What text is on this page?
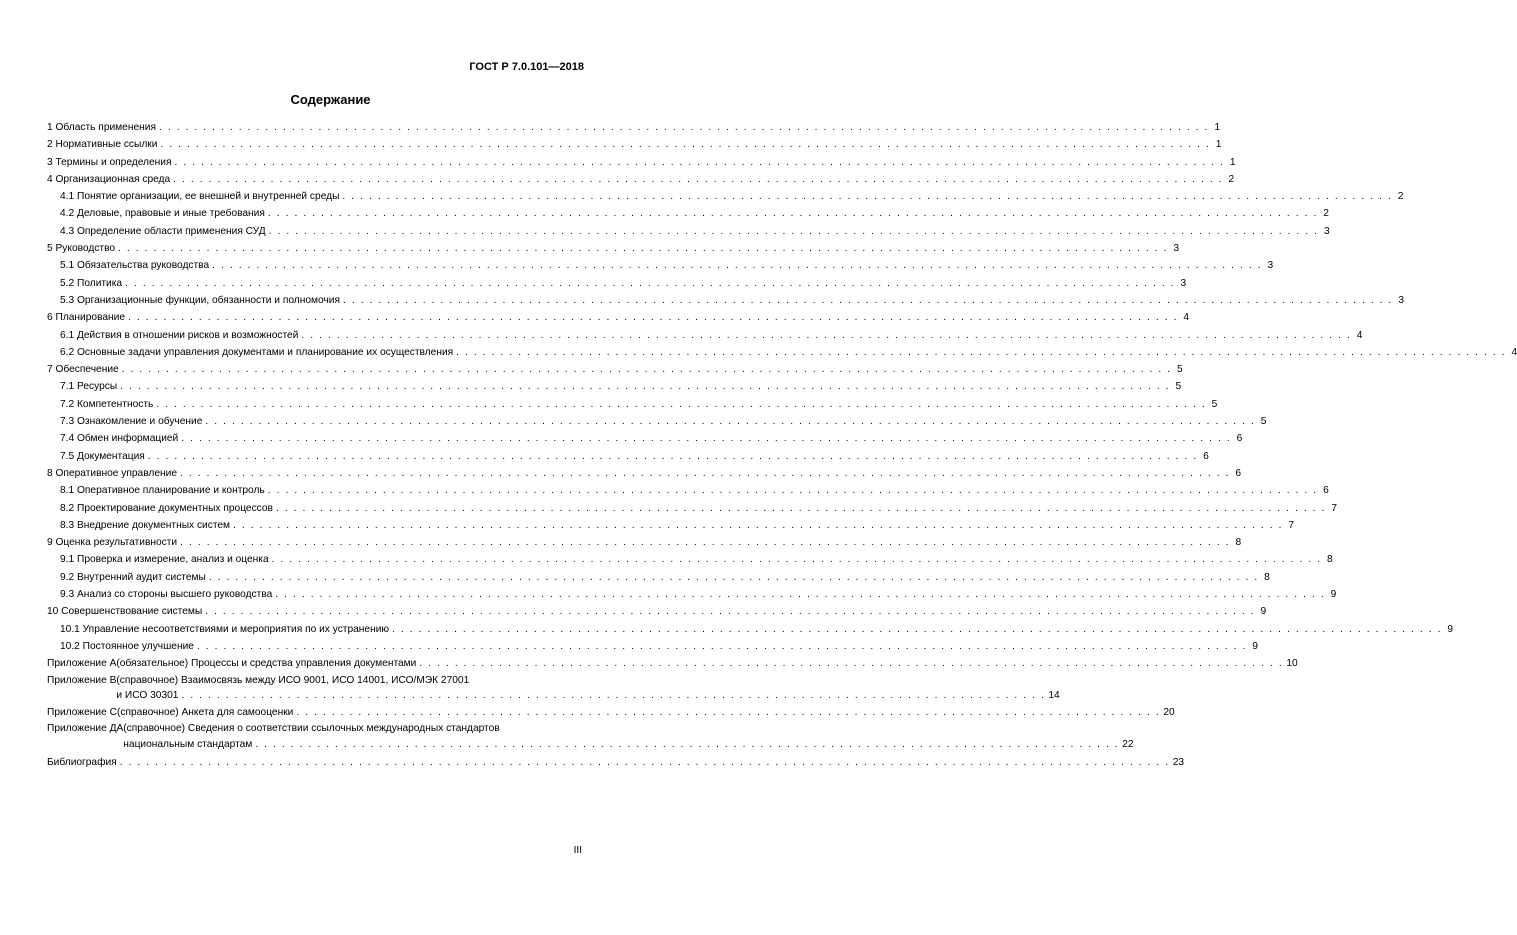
ГОСТ Р 7.0.101—2018
Содержание
1 Область применения . . .	1
2 Нормативные ссылки . . .	1
3 Термины и определения . . .	1
4 Организационная среда . . .	2
4.1 Понятие организации, ее внешней и внутренней среды . . .	2
4.2 Деловые, правовые и иные требования . . .	2
4.3 Определение области применения СУД . . .	3
5 Руководство . . .	3
5.1 Обязательства руководства . . .	3
5.2 Политика . . .	3
5.3 Организационные функции, обязанности и полномочия . . .	3
6 Планирование . . .	4
6.1 Действия в отношении рисков и возможностей . . .	4
6.2 Основные задачи управления документами и планирование их осуществления . . .	4
7 Обеспечение . . .	5
7.1 Ресурсы . . .	5
7.2 Компетентность . . .	5
7.3 Ознакомление и обучение . . .	5
7.4 Обмен информацией . . .	6
7.5 Документация . . .	6
8 Оперативное управление . . .	6
8.1 Оперативное планирование и контроль . . .	6
8.2 Проектирование документных процессов . . .	7
8.3 Внедрение документных систем . . .	7
9 Оценка результативности . . .	8
9.1 Проверка и измерение, анализ и оценка . . .	8
9.2 Внутренний аудит системы . . .	8
9.3 Анализ со стороны высшего руководства . . .	9
10 Совершенствование системы . . .	9
10.1 Управление несоответствиями и мероприятия по их устранению . . .	9
10.2 Постоянное улучшение . . .	9
Приложение А (обязательное) Процессы и средства управления документами . . .	10
Приложение В (справочное) Взаимосвязь между ИСО 9001, ИСО 14001, ИСО/МЭК 27001
и ИСО 30301 . . .	14
Приложение С (справочное) Анкета для самооценки . . .	20
Приложение ДА (справочное) Сведения о соответствии ссылочных международных стандартов
национальным стандартам . . .	22
Библиография . . .	23
III
